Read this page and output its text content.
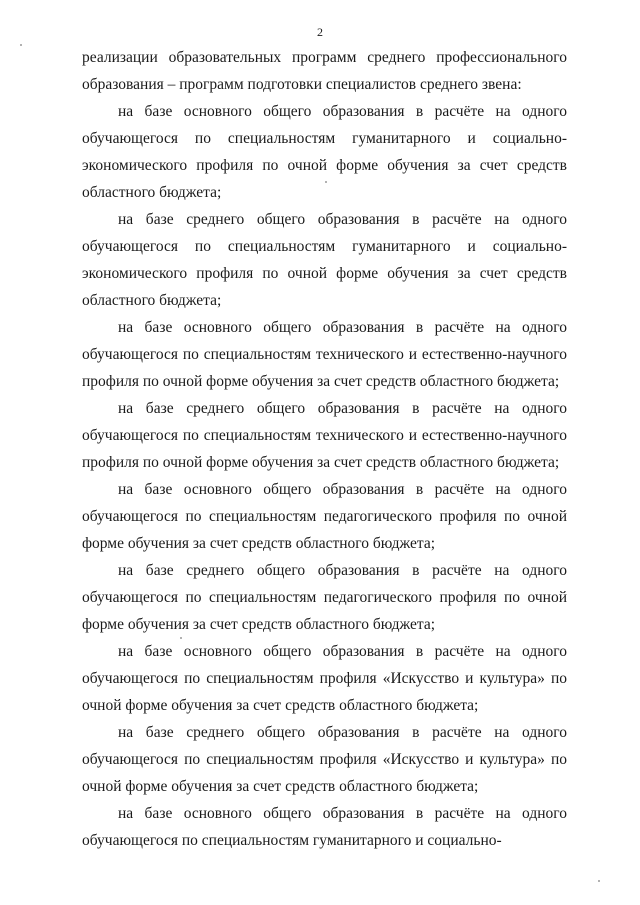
2

реализации образовательных программ среднего профессионального образования – программ подготовки специалистов среднего звена:

на базе основного общего образования в расчёте на одного обучающегося по специальностям гуманитарного и социально-экономического профиля по очной форме обучения за счет средств областного бюджета;

на базе среднего общего образования в расчёте на одного обучающегося по специальностям гуманитарного и социально-экономического профиля по очной форме обучения за счет средств областного бюджета;

на базе основного общего образования в расчёте на одного обучающегося по специальностям технического и естественно-научного профиля по очной форме обучения за счет средств областного бюджета;

на базе среднего общего образования в расчёте на одного обучающегося по специальностям технического и естественно-научного профиля по очной форме обучения за счет средств областного бюджета;

на базе основного общего образования в расчёте на одного обучающегося по специальностям педагогического профиля по очной форме обучения за счет средств областного бюджета;

на базе среднего общего образования в расчёте на одного обучающегося по специальностям педагогического профиля по очной форме обучения за счет средств областного бюджета;

на базе основного общего образования в расчёте на одного обучающегося по специальностям профиля «Искусство и культура» по очной форме обучения за счет средств областного бюджета;

на базе среднего общего образования в расчёте на одного обучающегося по специальностям профиля «Искусство и культура» по очной форме обучения за счет средств областного бюджета;

на базе основного общего образования в расчёте на одного обучающегося по специальностям гуманитарного и социально-
